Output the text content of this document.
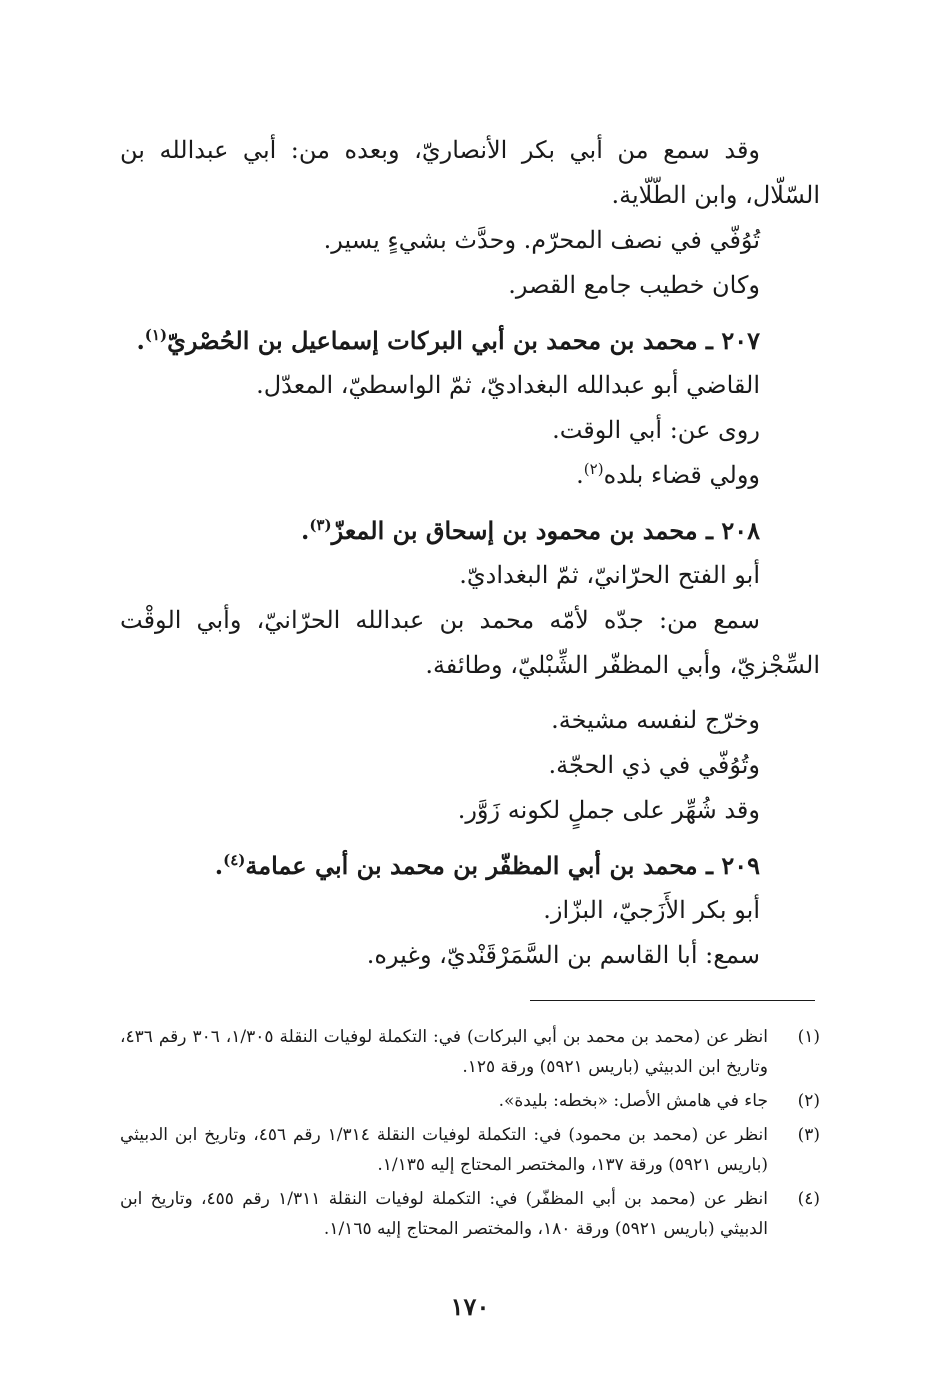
وقد سمع من أبي بكر الأنصاريّ، وبعده من: أبي عبدالله بن السّلّال، وابن الطّلّاية.

تُوُفّي في نصف المحرّم. وحدَّث بشيءٍ يسير.

وكان خطيب جامع القصر.

٢٠٧ ـ محمد بن محمد بن أبي البركات إسماعيل بن الحُصْريّ$^{(١)}$.

القاضي أبو عبدالله البغداديّ، ثمّ الواسطيّ، المعدّل.

روى عن: أبي الوقت.

وولي قضاء بلده$^{(٢)}$.

٢٠٨ ـ محمد بن محمود بن إسحاق بن المعزّ$^{(٣)}$.

أبو الفتح الحرّانيّ، ثمّ البغداديّ.

سمع من: جدّه لأمّه محمد بن عبدالله الحرّانيّ، وأبي الوقْت السِّجْزيّ، وأبي المظفّر الشِّبْليّ، وطائفة.

وخرّج لنفسه مشيخة.

وتُوُفّي في ذي الحجّة.

وقد شُهِّر على جملٍ لكونه زَوَّر.

٢٠٩ ـ محمد بن أبي المظفّر بن محمد بن أبي عمامة$^{(٤)}$.

أبو بكر الأَزَجيّ، البزّاز.

سمع: أبا القاسم بن السَّمَرْقَنْديّ، وغيره.

(١)
انظر عن (محمد بن محمد بن أبي البركات) في: التكملة لوفيات النقلة ١/٣٠٥، ٣٠٦ رقم ٤٣٦، وتاريخ ابن الدبيثي (باريس ٥٩٢١) ورقة ١٢٥.
(٢)
جاء في هامش الأصل: «بخطه: بليدة».
(٣)
انظر عن (محمد بن محمود) في: التكملة لوفيات النقلة ١/٣١٤ رقم ٤٥٦، وتاريخ ابن الدبيثي (باريس ٥٩٢١) ورقة ١٣٧، والمختصر المحتاج إليه ١/١٣٥.
(٤)
انظر عن (محمد بن أبي المظفّر) في: التكملة لوفيات النقلة ١/٣١١ رقم ٤٥٥، وتاريخ ابن الدبيثي (باريس ٥٩٢١) ورقة ١٨٠، والمختصر المحتاج إليه ١/١٦٥.
١٧٠
